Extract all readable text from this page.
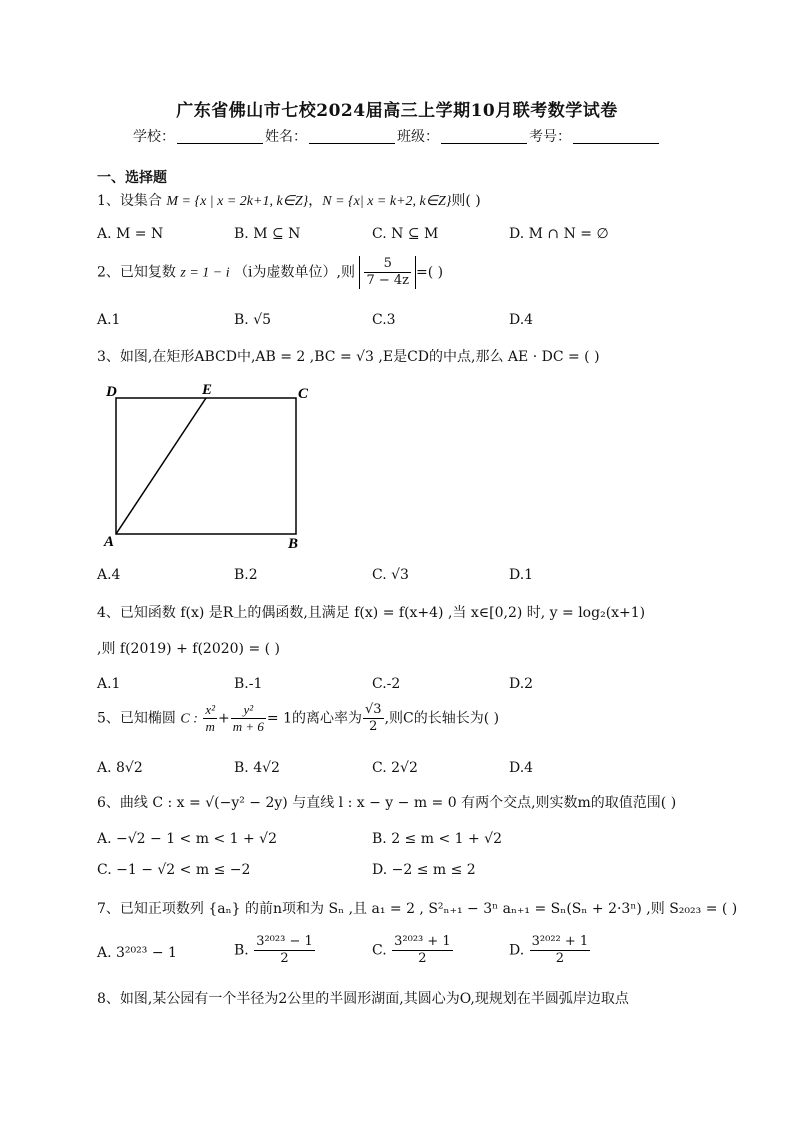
广东省佛山市七校2024届高三上学期10月联考数学试卷
学校：	姓名：	班级：	考号：
一、选择题
1、设集合 M = {x | x = 2k+1, k∈Z}，N = {x| x = k+2, k∈Z}则( )
A. M = N	B. M ⊆ N	C. N ⊆ M	D. M ∩ N = ∅
2、已知复数 z = 1 − i （i为虚数单位）,则 $\frac{5}{7 - 4z}$ =( )
A.1	B. √5	C.3	D.4
3、如图,在矩形ABCD中,AB = 2 ,BC = √3 ,E是CD的中点,那么 AE · DC = ( )
D	E	C
A	B
A.4	B.2	C. √3	D.1
4、已知函数 f(x) 是R上的偶函数,且满足 f(x) = f(x+4) ,当 x∈[0,2) 时, y = log₂(x+1)
,则 f(2019) + f(2020) = ( )
A.1	B.-1	C.-2	D.2
5、已知椭圆 C : $\frac{\text{x²}}{m} + \frac{\text{y²}}{m + 6} = 1$的离心率为 $\frac{√3}{2}$ ,则C的长轴长为( )
A. 8√2	B. 4√2	C. 2√2	D.4
6、曲线 C : x = √(−y² − 2y) 与直线 l : x − y − m = 0 有两个交点,则实数m的取值范围( )
A. −√2 − 1 < m < 1 + √2	B. 2 ≤ m < 1 + √2
C. −1 − √2 < m ≤ −2	D. −2 ≤ m ≤ 2
7、已知正项数列 {aₙ} 的前n项和为 Sₙ ,且 a₁ = 2 , S²ₙ₊₁ − 3ⁿ aₙ₊₁ = Sₙ(Sₙ + 2·3ⁿ) ,则 S₂₀₂₃ = ( )
A. 3²⁰²³ − 1	B. $\frac{\text{3²⁰²³ − 1}}{2}$	C. $\frac{\text{3²⁰²³ + 1}}{2}$	D. $\frac{\text{3²⁰²² + 1}}{2}$
8、如图,某公园有一个半径为2公里的半圆形湖面,其圆心为O,现规划在半圆弧岸边取点
